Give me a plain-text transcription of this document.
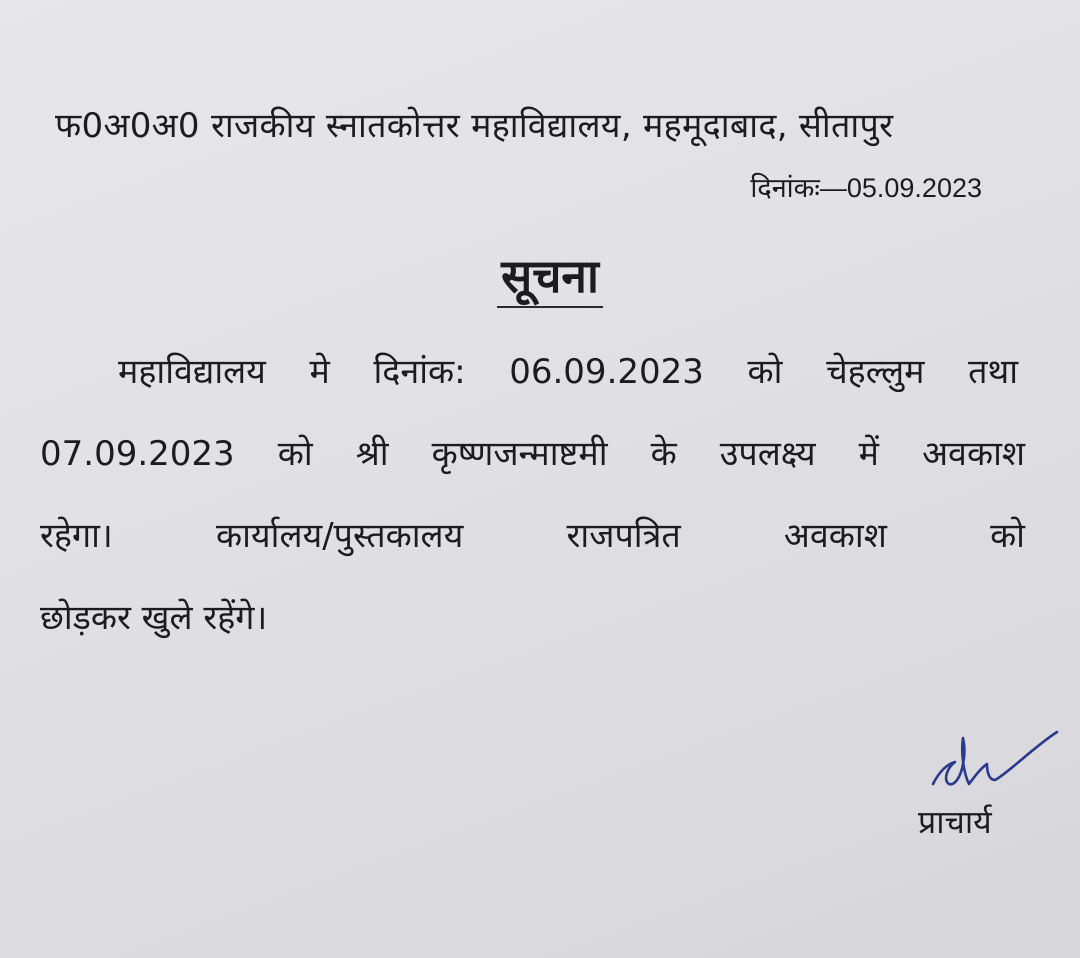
फ0अ0अ0 राजकीय स्नातकोत्तर महाविद्यालय, महमूदाबाद, सीतापुर
दिनांकः—05.09.2023
सूचना
महाविद्यालय मे दिनांक: 06.09.2023 को चेहल्लुम तथा
07.09.2023 को श्री कृष्णजन्माष्टमी के उपलक्ष्य में अवकाश
रहेगा। कार्यालय/पुस्तकालय राजपत्रित अवकाश को
छोड़कर खुले रहेंगे।
प्राचार्य
